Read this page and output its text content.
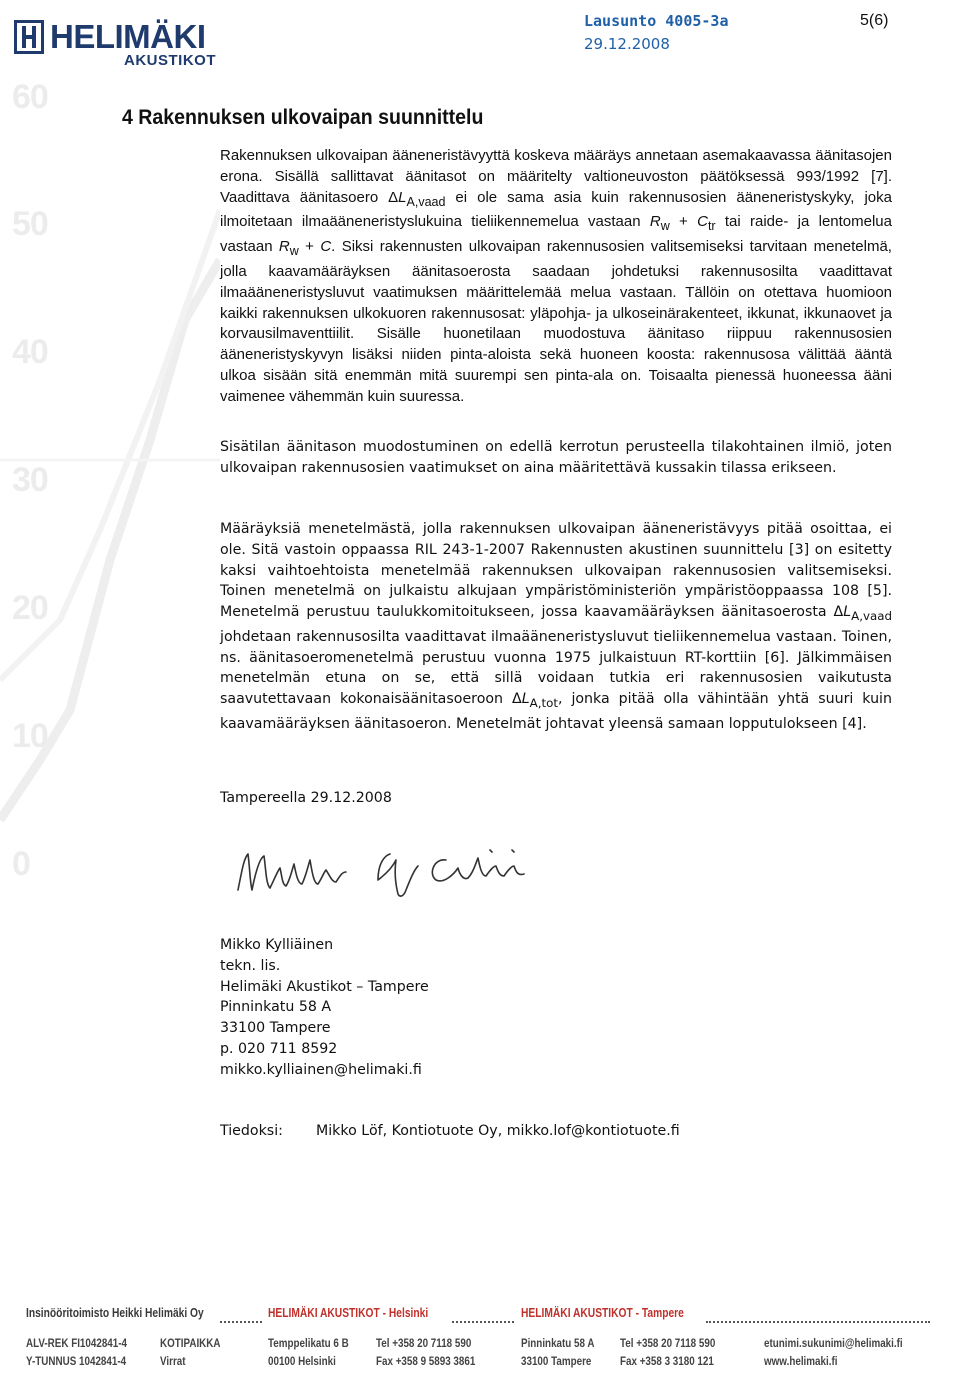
60
50
40
30
20
10
0
HELIMÄKI
AKUSTIKOT
Lausunto 4005-3a
29.12.2008
5(6)
4 Rakennuksen ulkovaipan suunnittelu

Rakennuksen ulkovaipan ääneneristävyyttä koskeva määräys annetaan asemakaavassa äänitasojen erona. Sisällä sallittavat äänitasot on määritelty valtioneuvoston päätöksessä 993/1992 [7]. Vaadittava äänitasoero $\Delta L_{A,vaad}$ ei ole sama asia kuin rakennusosien ääneneristyskyky, joka ilmoitetaan ilmaääneneristyslukuina tieliikennemelua vastaan $R_w + C_{tr}$ tai raide- ja lentomelua vastaan $R_w + C$. Siksi rakennusten ulkovaipan rakennusosien valitsemiseksi tarvitaan menetelmä, jolla kaavamääräyksen äänitasoerosta saadaan johdetuksi rakennusosilta vaadittavat ilmaääneneristysluvut vaatimuksen määrittelemää melua vastaan. Tällöin on otettava huomioon kaikki rakennuksen ulkokuoren rakennusosat: yläpohja- ja ulkoseinärakenteet, ikkunat, ikkunaovet ja korvausilmaventtiilit. Sisälle huonetilaan muodostuva äänitaso riippuu rakennusosien ääneneristyskyvyn lisäksi niiden pinta-aloista sekä huoneen koosta: rakennusosa välittää ääntä ulkoa sisään sitä enemmän mitä suurempi sen pinta-ala on. Toisaalta pienessä huoneessa ääni vaimenee vähemmän kuin suuressa.

Sisätilan äänitason muodostuminen on edellä kerrotun perusteella tilakohtainen ilmiö, joten ulkovaipan rakennusosien vaatimukset on aina määritettävä kussakin tilassa erikseen.

Määräyksiä menetelmästä, jolla rakennuksen ulkovaipan ääneneristävyys pitää osoittaa, ei ole. Sitä vastoin oppaassa RIL 243-1-2007 Rakennusten akustinen suunnittelu [3] on esitetty kaksi vaihtoehtoista menetelmää rakennuksen ulkovaipan rakennusosien valitsemiseksi. Toinen menetelmä on julkaistu alkujaan ympäristöministeriön ympäristöoppaassa 108 [5]. Menetelmä perustuu taulukkomitoitukseen, jossa kaavamääräyksen äänitasoerosta $\Delta L_{A,vaad}$ johdetaan rakennusosilta vaadittavat ilmaääneneristysluvut tieliikennemelua vastaan. Toinen, ns. äänitasoeromenetelmä perustuu vuonna 1975 julkaistuun RT-korttiin [6]. Jälkimmäisen menetelmän etuna on se, että sillä voidaan tutkia eri rakennusosien vaikutusta saavutettavaan kokonaisäänitasoeroon $\Delta L_{A,tot}$, jonka pitää olla vähintään yhtä suuri kuin kaavamääräyksen äänitasoeron. Menetelmät johtavat yleensä samaan lopputulokseen [4].

Tampereella 29.12.2008
Mikko Kylliäinen
tekn. lis.
Helimäki Akustikot – Tampere
Pinninkatu 58 A
33100 Tampere
p. 020 711 8592
mikko.kylliainen@helimaki.fi
Tiedoksi: Mikko Löf, Kontiotuote Oy, mikko.lof@kontiotuote.fi
Insinööritoimisto Heikki Helimäki Oy	HELIMÄKI AKUSTIKOT - Helsinki	HELIMÄKI AKUSTIKOT - Tampere
ALV-REK FI1042841-4
Y-TUNNUS 1042841-4
KOTIPAIKKA
Virrat
Temppelikatu 6 B
00100 Helsinki
Tel +358 20 7118 590
Fax +358 9 5893 3861
Pinninkatu 58 A
33100 Tampere
Tel +358 20 7118 590
Fax +358 3 3180 121
etunimi.sukunimi@helimaki.fi
www.helimaki.fi
